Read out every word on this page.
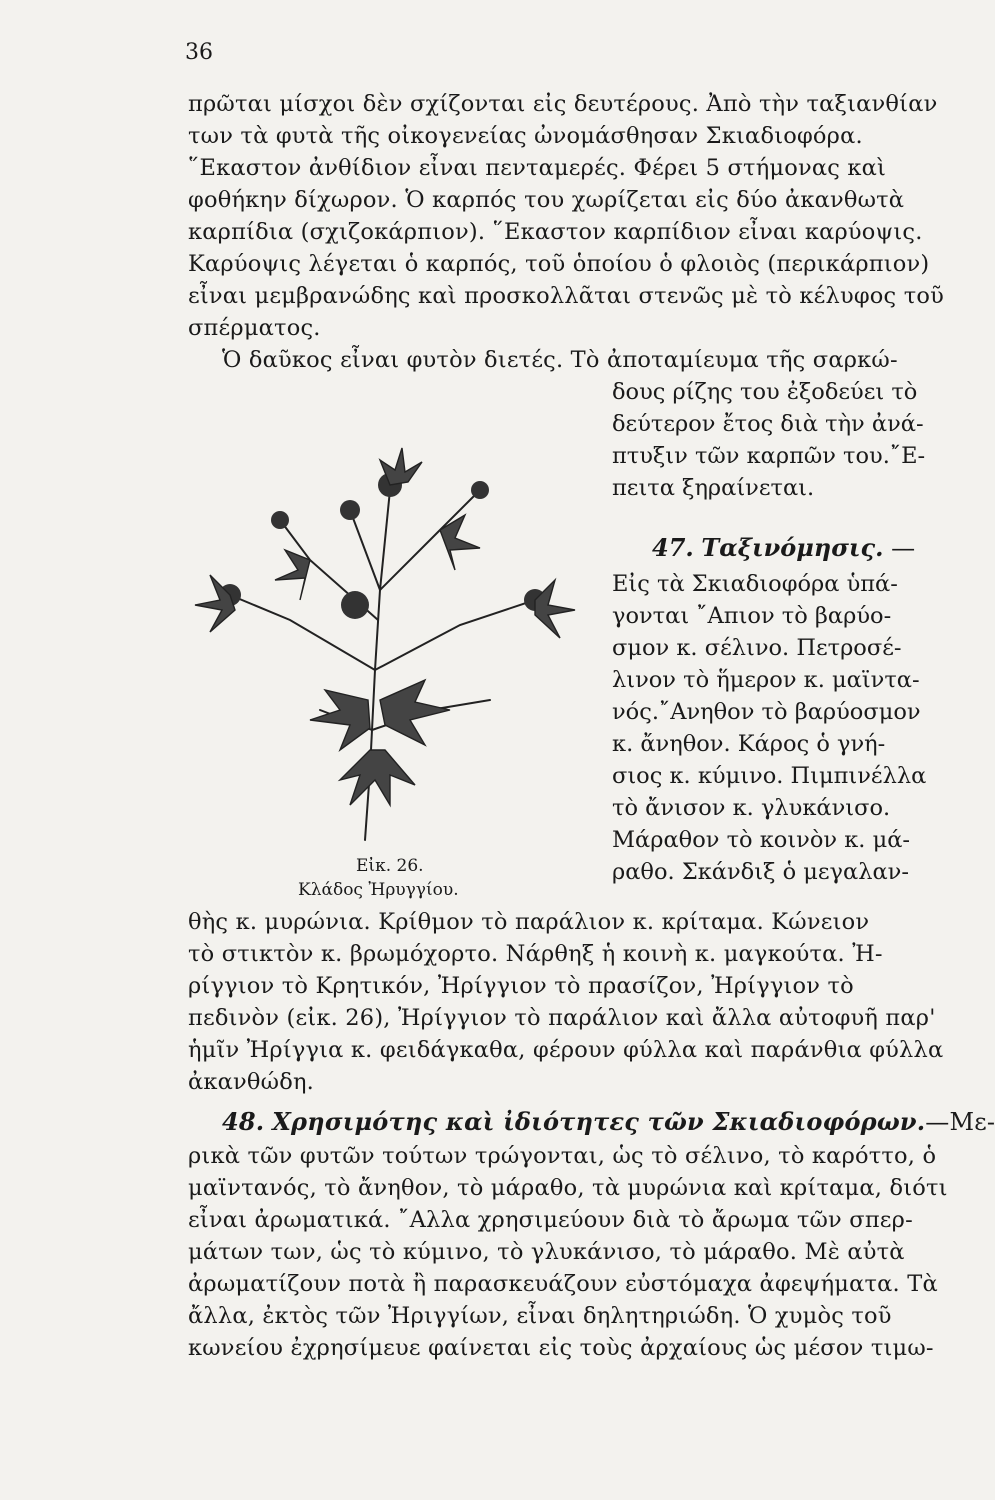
36
πρῶται μίσχοι δὲν σχίζονται εἰς δευτέρους. Ἀπὸ τὴν ταξιανθίαν
των τὰ φυτὰ τῆς οἰκογενείας ὠνομάσθησαν Σκιαδιοφόρα.
῞Εκαστον ἀνθίδιον εἶναι πενταμερές. Φέρει 5 στήμονας καὶ
φοθήκην δίχωρον. Ὁ καρπός του χωρίζεται εἰς δύο ἀκανθωτὰ
καρπίδια (σχιζοκάρπιον). ῞Εκαστον καρπίδιον εἶναι καρύοψις.
Καρύοψις λέγεται ὁ καρπός, τοῦ ὁποίου ὁ φλοιὸς (περικάρπιον)
εἶναι μεμβρανώδης καὶ προσκολλᾶται στενῶς μὲ τὸ κέλυφος τοῦ
σπέρματος.
Ὁ δαῦκος εἶναι φυτὸν διετές. Τὸ ἀποταμίευμα τῆς σαρκώ-
δους ρίζης του ἐξοδεύει τὸ
δεύτερον ἔτος διὰ τὴν ἀνά-
πτυξιν τῶν καρπῶν του.῎Ε-
πειτα ξηραίνεται.
47. Ταξινόμησις. —
Εἰς τὰ Σκιαδιοφόρα ὑπά-
γονται ῎Απιον τὸ βαρύο-
σμον κ. σέλινο. Πετροσέ-
λινον τὸ ἥμερον κ. μαϊντα-
νός.῎Ανηθον τὸ βαρύοσμον
κ. ἄνηθον. Κάρος ὁ γνή-
σιος κ. κύμινο. Πιμπινέλλα
τὸ ἄνισον κ. γλυκάνισο.
Μάραθον τὸ κοινὸν κ. μά-
ραθο. Σκάνδιξ ὁ μεγαλαν-
Εἰκ. 26.
Κλάδος Ἠρυγγίου.
θὴς κ. μυρώνια. Κρίθμον τὸ παράλιον κ. κρίταμα. Κώνειον
τὸ στικτὸν κ. βρωμόχορτο. Νάρθηξ ἡ κοινὴ κ. μαγκούτα. Ἠ-
ρίγγιον τὸ Κρητικόν, Ἠρίγγιον τὸ πρασίζον, Ἠρίγγιον τὸ
πεδινὸν (εἰκ. 26), Ἠρίγγιον τὸ παράλιον καὶ ἄλλα αὐτοφυῆ παρ'
ἡμῖν Ἠρίγγια κ. φειδάγκαθα, φέρουν φύλλα καὶ παράνθια φύλλα
ἀκανθώδη.
48. Χρησιμότης καὶ ἰδιότητες τῶν Σκιαδιοφόρων.—Με-
ρικὰ τῶν φυτῶν τούτων τρώγονται, ὡς τὸ σέλινο, τὸ καρόττο, ὁ
μαϊντανός, τὸ ἄνηθον, τὸ μάραθο, τὰ μυρώνια καὶ κρίταμα, διότι
εἶναι ἀρωματικά. ῎Αλλα χρησιμεύουν διὰ τὸ ἄρωμα τῶν σπερ-
μάτων των, ὡς τὸ κύμινο, τὸ γλυκάνισο, τὸ μάραθο. Μὲ αὐτὰ
ἀρωματίζουν ποτὰ ἢ παρασκευάζουν εὐστόμαχα ἀφεψήματα. Τὰ
ἄλλα, ἐκτὸς τῶν Ἠριγγίων, εἶναι δηλητηριώδη. Ὁ χυμὸς τοῦ
κωνείου ἐχρησίμευε φαίνεται εἰς τοὺς ἀρχαίους ὡς μέσον τιμω-
